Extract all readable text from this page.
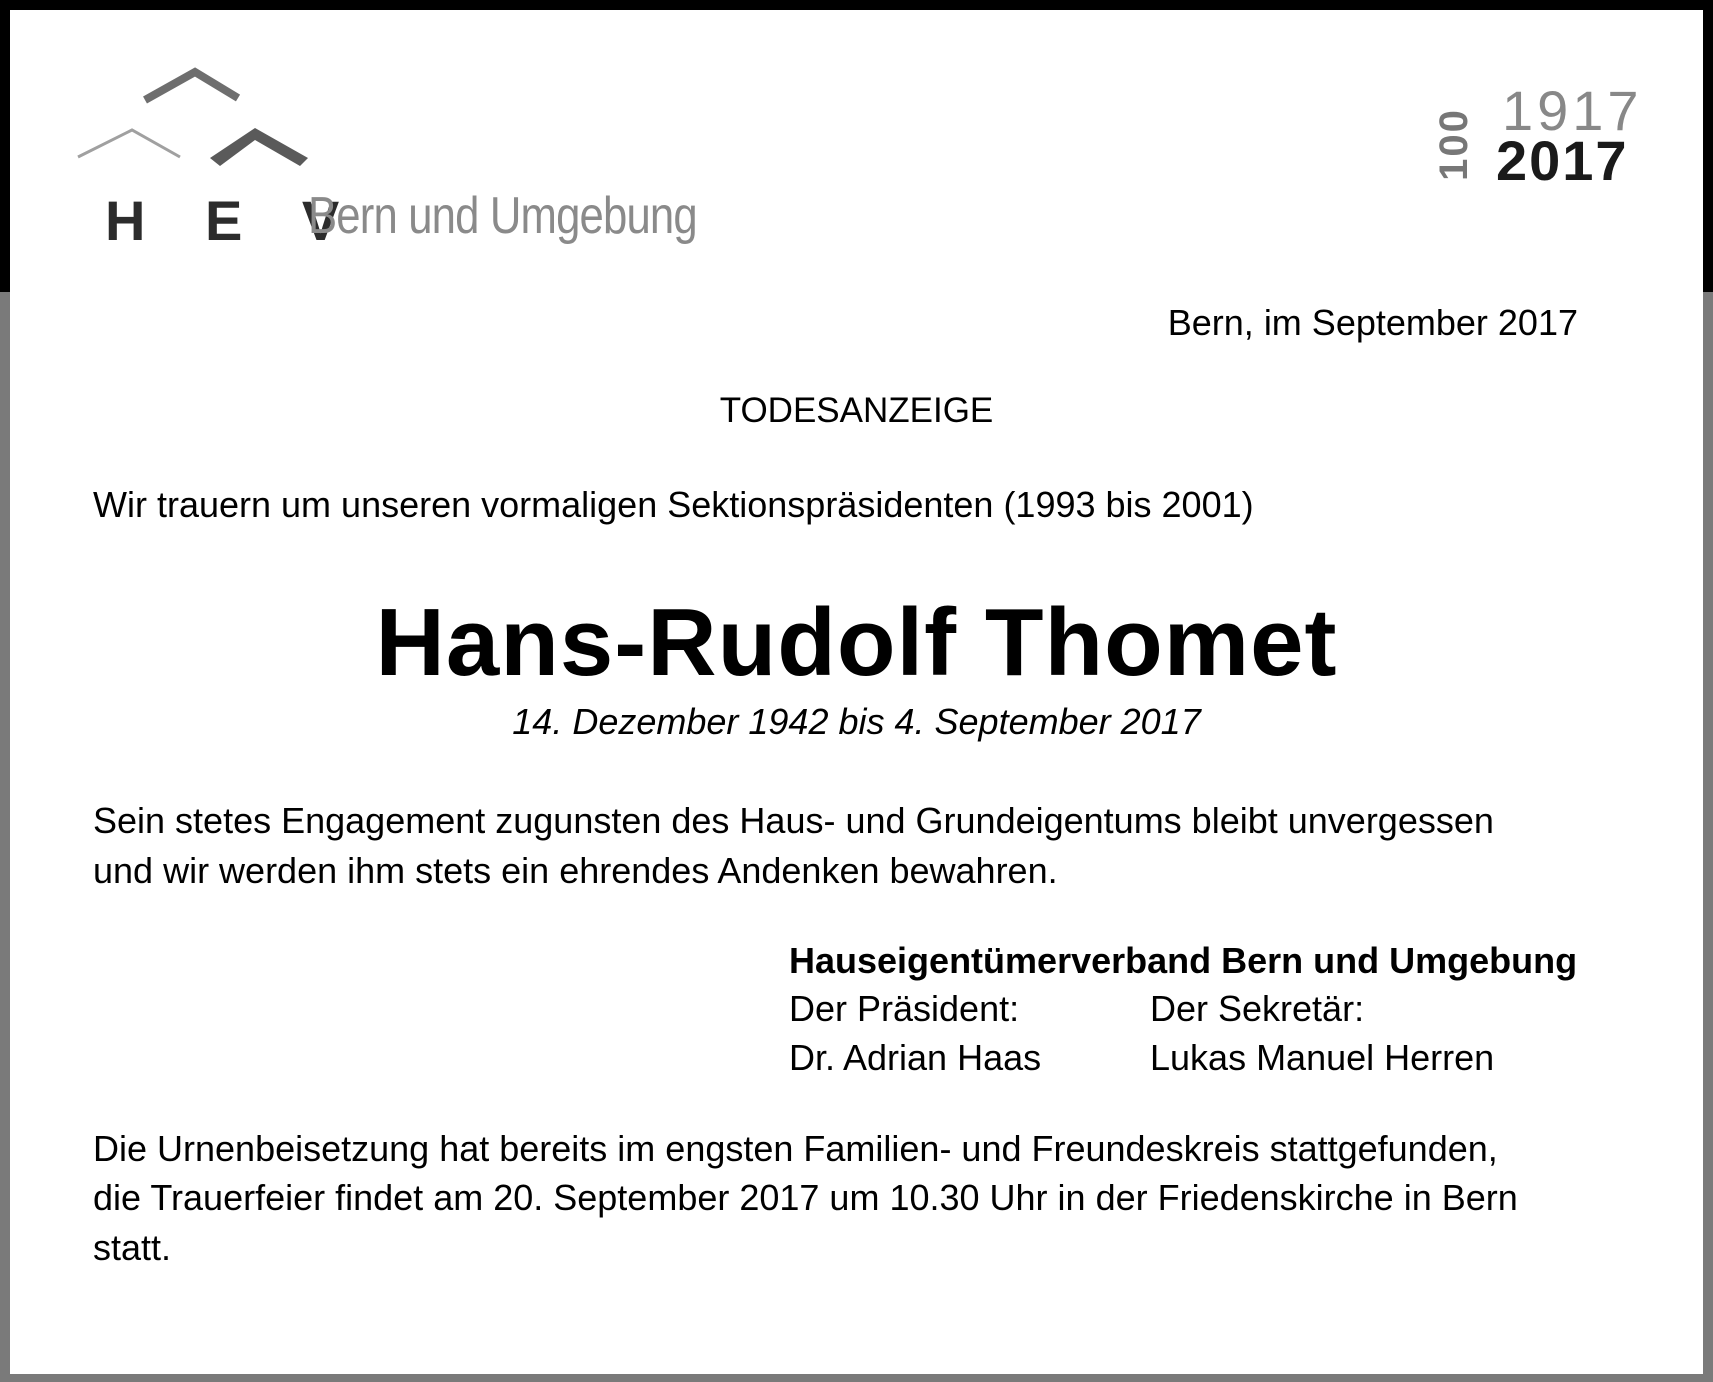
H E V
Bern und Umgebung
100 1917
2017
Bern, im September 2017
TODESANZEIGE
Wir trauern um unseren vormaligen Sektionspräsidenten (1993 bis 2001)
Hans-Rudolf Thomet
14. Dezember 1942 bis 4. September 2017
Sein stetes Engagement zugunsten des Haus- und Grundeigentums bleibt unvergessen
und wir werden ihm stets ein ehrendes Andenken bewahren.
Hauseigentümerverband Bern und Umgebung
Der Präsident:	Der Sekretär:
Dr. Adrian Haas	Lukas Manuel Herren
Die Urnenbeisetzung hat bereits im engsten Familien- und Freundeskreis stattgefunden,
die Trauerfeier findet am 20. September 2017 um 10.30 Uhr in der Friedenskirche in Bern
statt.
